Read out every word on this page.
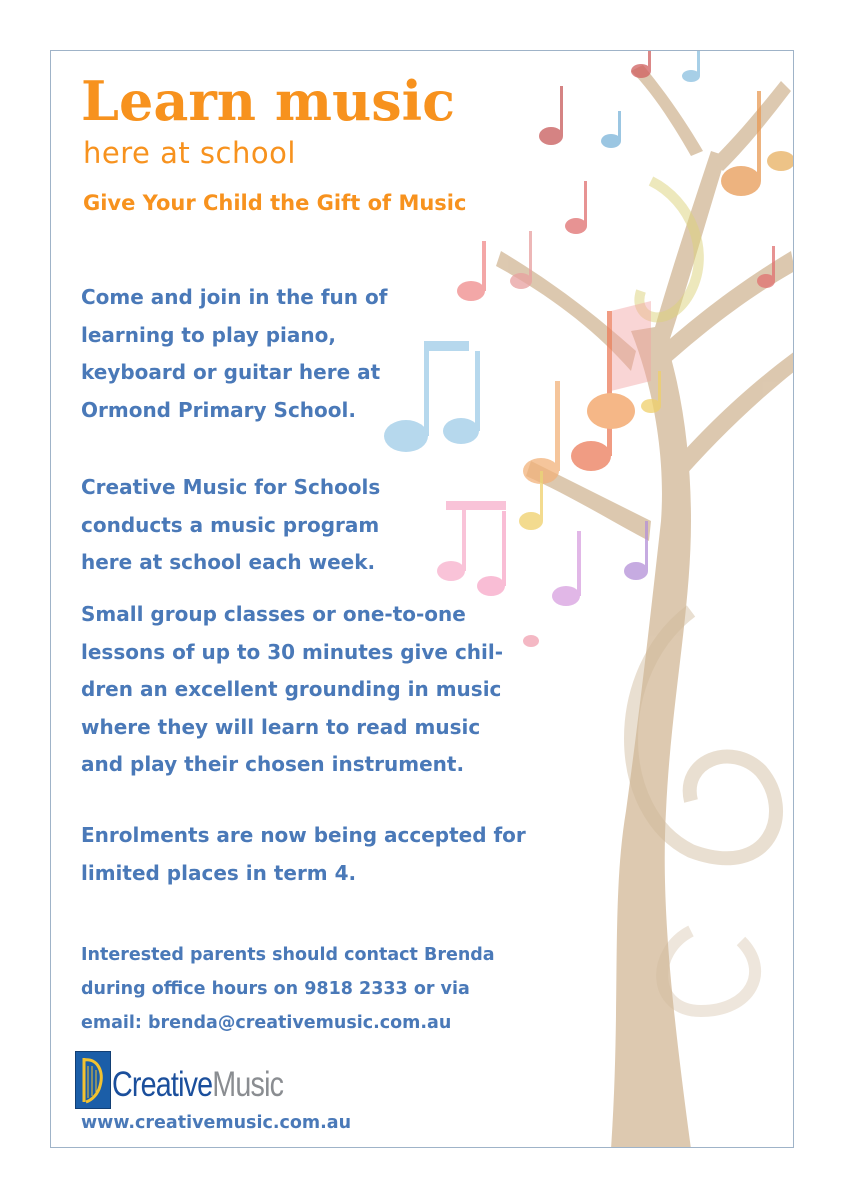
Learn music
here at school
Give Your Child the Gift of Music

Come and join in the fun of
learning to play piano,
keyboard or guitar here at
Ormond Primary School.

Creative Music for Schools
conducts a music program
here at school each week.

Small group classes or one-to-one
lessons of up to 30 minutes give chil-
dren an excellent grounding in music
where they will learn to read music
and play their chosen instrument.

Enrolments are now being accepted for
limited places in term 4.

Interested parents should contact Brenda
during office hours on 9818 2333 or via
email: brenda@creativemusic.com.au

CreativeMusic

www.creativemusic.com.au
